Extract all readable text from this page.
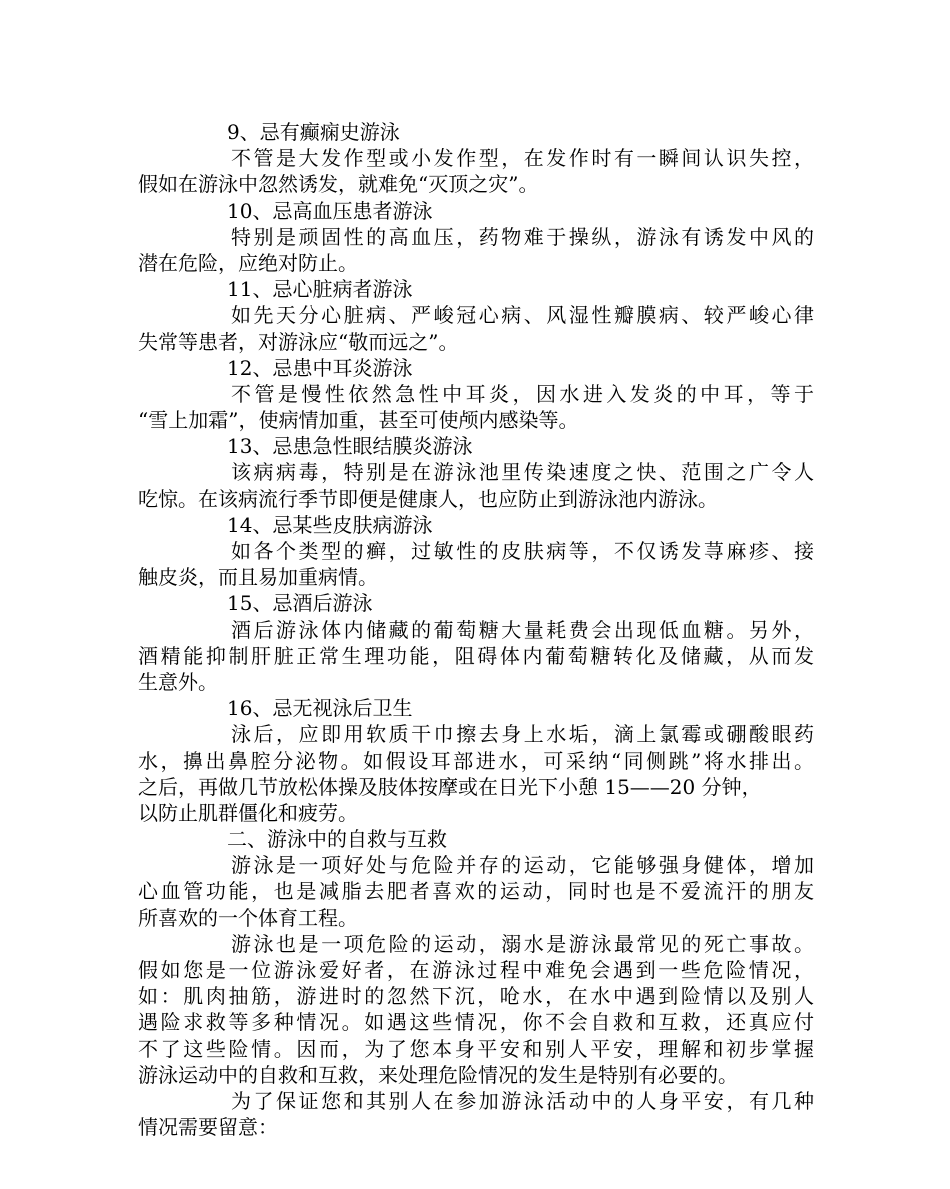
9、忌有癫痫史游泳
不管是大发作型或小发作型，在发作时有一瞬间认识失控，
假如在游泳中忽然诱发，就难免“灭顶之灾”。
10、忌高血压患者游泳
特别是顽固性的高血压，药物难于操纵，游泳有诱发中风的
潜在危险，应绝对防止。
11、忌心脏病者游泳
如先天分心脏病、严峻冠心病、风湿性瓣膜病、较严峻心律
失常等患者，对游泳应“敬而远之”。
12、忌患中耳炎游泳
不管是慢性依然急性中耳炎，因水进入发炎的中耳，等于
“雪上加霜”，使病情加重，甚至可使颅内感染等。
13、忌患急性眼结膜炎游泳
该病病毒，特别是在游泳池里传染速度之快、范围之广令人
吃惊。在该病流行季节即便是健康人，也应防止到游泳池内游泳。
14、忌某些皮肤病游泳
如各个类型的癣，过敏性的皮肤病等，不仅诱发荨麻疹、接
触皮炎，而且易加重病情。
15、忌酒后游泳
酒后游泳体内储藏的葡萄糖大量耗费会出现低血糖。另外，
酒精能抑制肝脏正常生理功能，阻碍体内葡萄糖转化及储藏，从而发
生意外。
16、忌无视泳后卫生
泳后，应即用软质干巾擦去身上水垢，滴上氯霉或硼酸眼药
水，擤出鼻腔分泌物。如假设耳部进水，可采纳“同侧跳”将水排出。
之后，再做几节放松体操及肢体按摩或在日光下小憩 15——20 分钟，
以防止肌群僵化和疲劳。
二、游泳中的自救与互救
游泳是一项好处与危险并存的运动，它能够强身健体，增加
心血管功能，也是减脂去肥者喜欢的运动，同时也是不爱流汗的朋友
所喜欢的一个体育工程。
游泳也是一项危险的运动，溺水是游泳最常见的死亡事故。
假如您是一位游泳爱好者，在游泳过程中难免会遇到一些危险情况，
如：肌肉抽筋，游进时的忽然下沉，呛水，在水中遇到险情以及别人
遇险求救等多种情况。如遇这些情况，你不会自救和互救，还真应付
不了这些险情。因而，为了您本身平安和别人平安，理解和初步掌握
游泳运动中的自救和互救，来处理危险情况的发生是特别有必要的。
为了保证您和其别人在参加游泳活动中的人身平安，有几种
情况需要留意：
